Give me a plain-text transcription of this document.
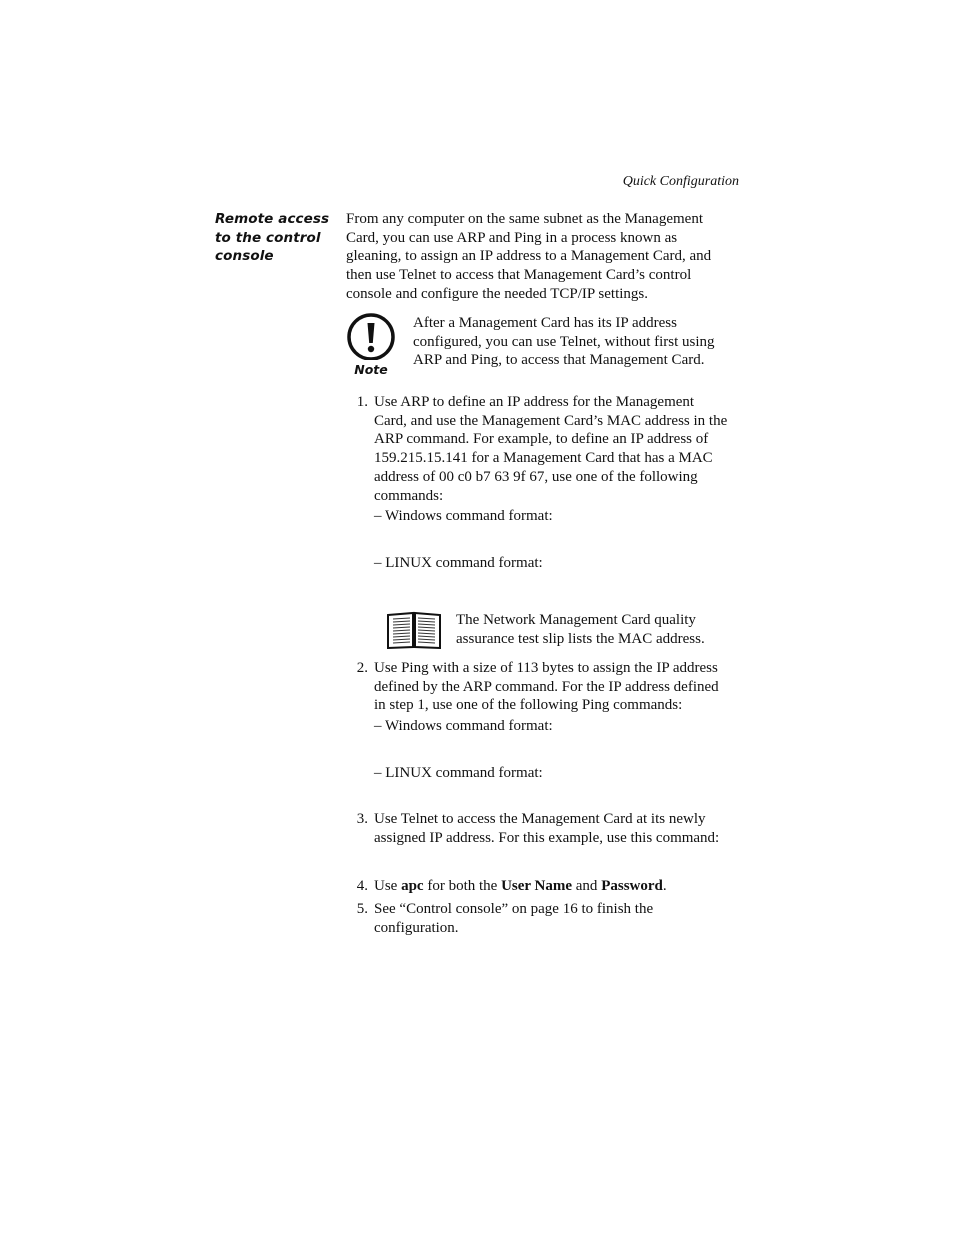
Quick Configuration
Remote access
to the control
console
From any computer on the same subnet as the Management
Card, you can use ARP and Ping in a process known as
gleaning, to assign an IP address to a Management Card, and
then use Telnet to access that Management Card’s control
console and configure the needed TCP/IP settings.
Note
After a Management Card has its IP address
configured, you can use Telnet, without first using
ARP and Ping, to access that Management Card.
1. Use ARP to define an IP address for the Management
Card, and use the Management Card’s MAC address in the
ARP command. For example, to define an IP address of
159.215.15.141 for a Management Card that has a MAC
address of 00 c0 b7 63 9f 67, use one of the following
commands:
– Windows command format:
– LINUX command format:
The Network Management Card quality
assurance test slip lists the MAC address.
2. Use Ping with a size of 113 bytes to assign the IP address
defined by the ARP command. For the IP address defined
in step 1, use one of the following Ping commands:
– Windows command format:
– LINUX command format:
3. Use Telnet to access the Management Card at its newly
assigned IP address. For this example, use this command:
4. Use apc for both the User Name and Password.
5. See “Control console” on page 16 to finish the
configuration.
